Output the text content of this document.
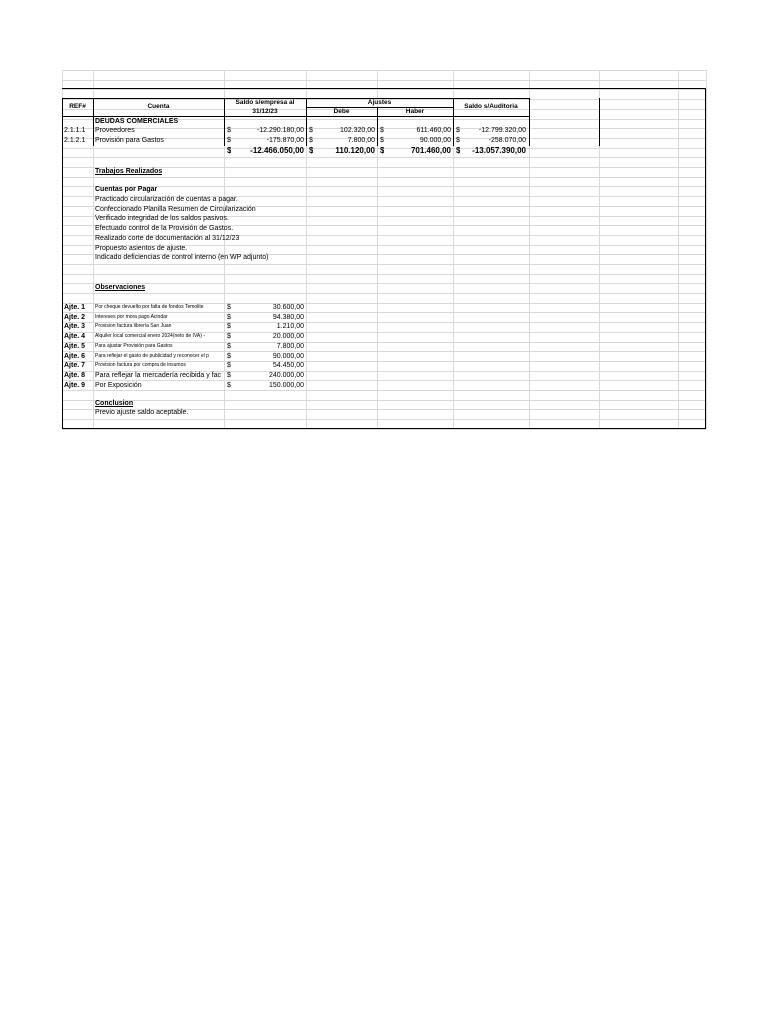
REF#	Cuenta
Saldo s/empresa al
31/12/23
Ajustes
Debe	Haber
Saldo s/Auditoria
DEUDAS COMERCIALES
2.1.1.1 Proveedores	$	-12.290.180,00 $	102.320,00 $	611.460,00 $	-12.799.320,00
2.1.2.1 Provisión para Gastos	$	-175.870,00 $	7.800,00 $	90.000,00 $	-258.070,00
$	-12.466.050,00 $	110.120,00 $	701.460,00 $	-13.057.390,00
Trabajos Realizados
Cuentas por Pagar
Practicado circularización de cuentas a pagar.
Confeccionado Planilla Resumen de Circularización
Verificado integridad de los saldos pasivos.
Efectuado control de la Provisión de Gastos.
Realizado corte de documentación al 31/12/23
Propuesto asientos de ajuste.
Indicado deficiencias de control interno (en WP adjunto)
Observaciones
Ajte. 1 Por cheque devuelto por falta de fondos Temolite	$	30.600,00
Ajte. 2 Intereses por mora pago Acindar	$	94.380,00
Ajte. 3 Provision factura librería San Juan	$	1.210,00
Ajte. 4 Alquiler local comercial enero 2024(neto de IVA) -	$	20.000,00
Ajte. 5 Para ajustar Provisión para Gastos	$	7.800,00
Ajte. 6 Para reflejar el gasto de publicidad y reconocer el p	$	90.000,00
Ajte. 7 Provision factura por compra de insumos	$	54.450,00
Ajte. 8 Para reflejar la mercadería recibida y fac $	240.000,00
Ajte. 9 Por Exposición	$	150.000,00
Conclusion
Previo ajuste saldo aceptable.
